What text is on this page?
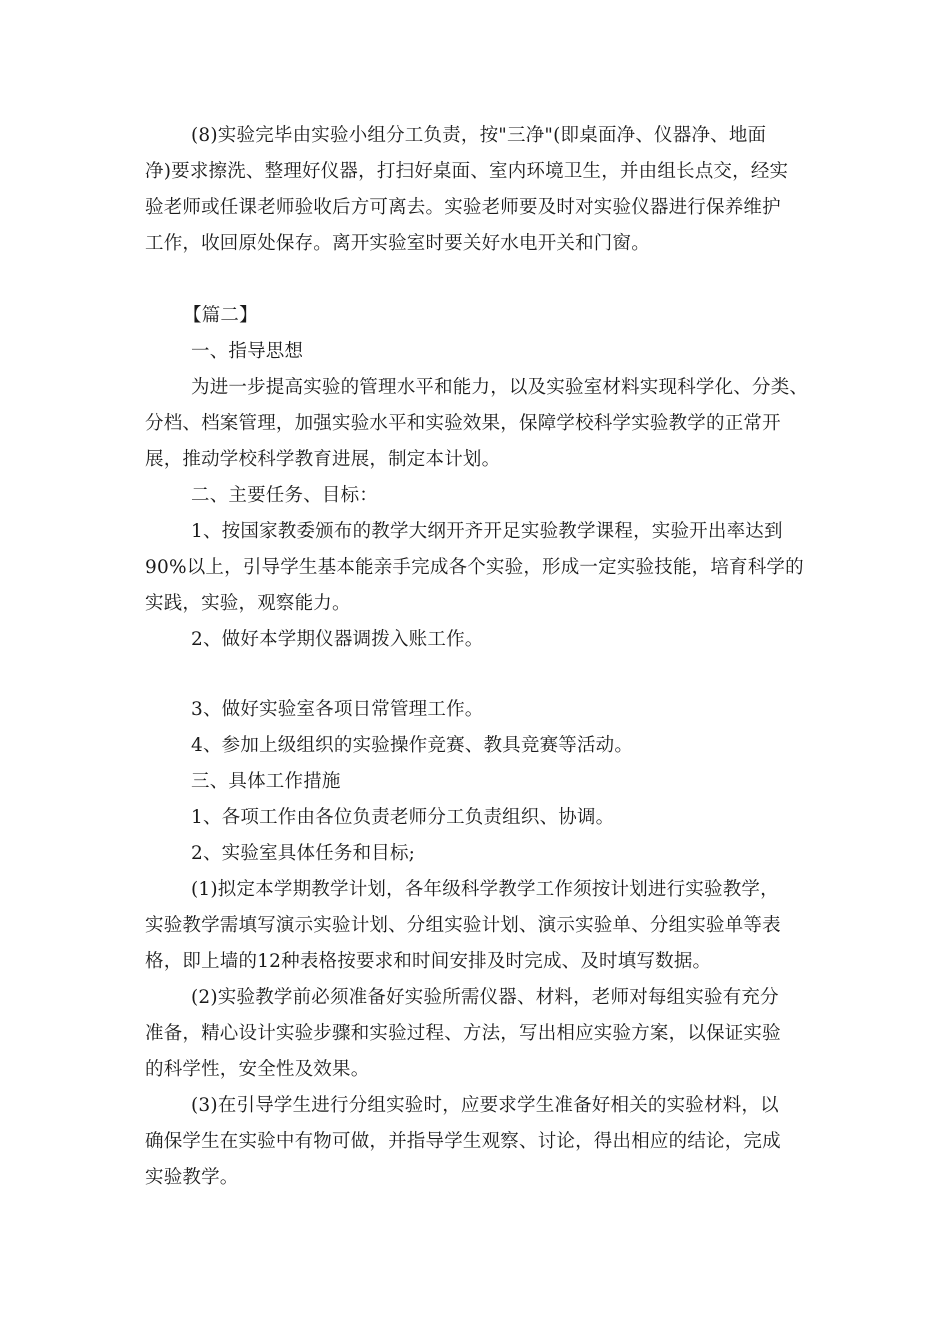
(8)实验完毕由实验小组分工负责，按"三净"(即桌面净、仪器净、地面
净)要求擦洗、整理好仪器，打扫好桌面、室内环境卫生，并由组长点交，经实
验老师或任课老师验收后方可离去。实验老师要及时对实验仪器进行保养维护
工作，收回原处保存。离开实验室时要关好水电开关和门窗。
【篇二】
一、指导思想
为进一步提高实验的管理水平和能力，以及实验室材料实现科学化、分类、
分档、档案管理，加强实验水平和实验效果，保障学校科学实验教学的正常开
展，推动学校科学教育进展，制定本计划。
二、主要任务、目标：
1、按国家教委颁布的教学大纲开齐开足实验教学课程，实验开出率达到
90%以上，引导学生基本能亲手完成各个实验，形成一定实验技能，培育科学的
实践，实验，观察能力。
2、做好本学期仪器调拨入账工作。
3、做好实验室各项日常管理工作。
4、参加上级组织的实验操作竞赛、教具竞赛等活动。
三、具体工作措施
1、各项工作由各位负责老师分工负责组织、协调。
2、实验室具体任务和目标;
(1)拟定本学期教学计划，各年级科学教学工作须按计划进行实验教学，
实验教学需填写演示实验计划、分组实验计划、演示实验单、分组实验单等表
格，即上墙的12种表格按要求和时间安排及时完成、及时填写数据。
(2)实验教学前必须准备好实验所需仪器、材料，老师对每组实验有充分
准备，精心设计实验步骤和实验过程、方法，写出相应实验方案，以保证实验
的科学性，安全性及效果。
(3)在引导学生进行分组实验时，应要求学生准备好相关的实验材料，以
确保学生在实验中有物可做，并指导学生观察、讨论，得出相应的结论，完成
实验教学。
